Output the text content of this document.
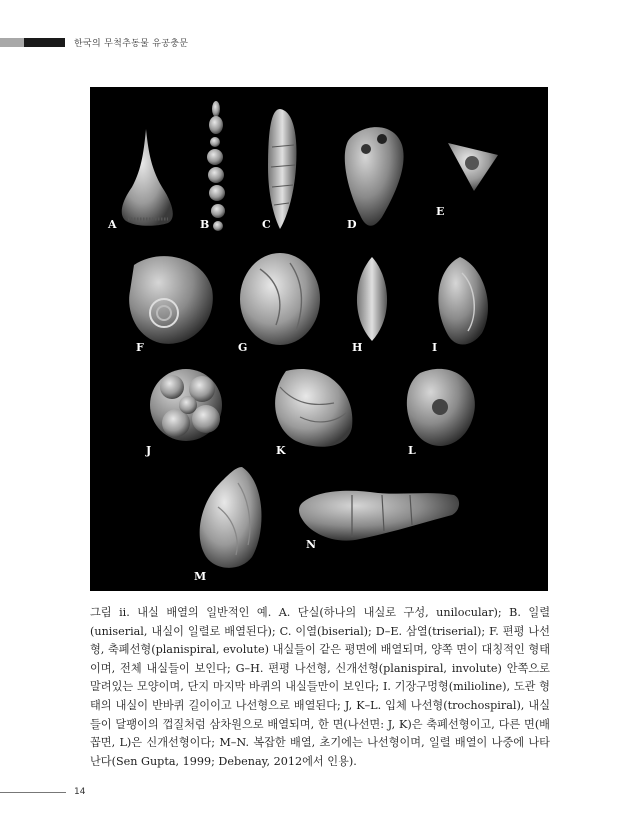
한국의 무척추동물 유공충문
A	B	C	D
E
F	G	H	I
J	K	L
M
N
그림 ii. 내실 배열의 일반적인 예. A. 단실(하나의 내실로 구성, unilocular); B. 일렬(uniserial, 내실이 일렬로 배열된다); C. 이열(biserial); D–E. 삼열(triserial); F. 편평 나선형, 축폐선형(planispiral, evolute) 내실들이 같은 평면에 배열되며, 양쪽 면이 대칭적인 형태이며, 전체 내실들이 보인다; G–H. 편평 나선형, 신개선형(planispiral, involute) 안쪽으로 말려있는 모양이며, 단지 마지막 바퀴의 내실들만이 보인다; I. 기장구멍형(milioline), 도관 형태의 내실이 반바퀴 길이이고 나선형으로 배열된다; J, K–L. 입체 나선형(trochospiral), 내실들이 달팽이의 껍질처럼 삼차원으로 배열되며, 한 면(나선면: J, K)은 축폐선형이고, 다른 면(배꼽면, L)은 신개선형이다; M–N. 복잡한 배열, 초기에는 나선형이며, 일렬 배열이 나중에 나타난다(Sen Gupta, 1999; Debenay, 2012에서 인용).
14
